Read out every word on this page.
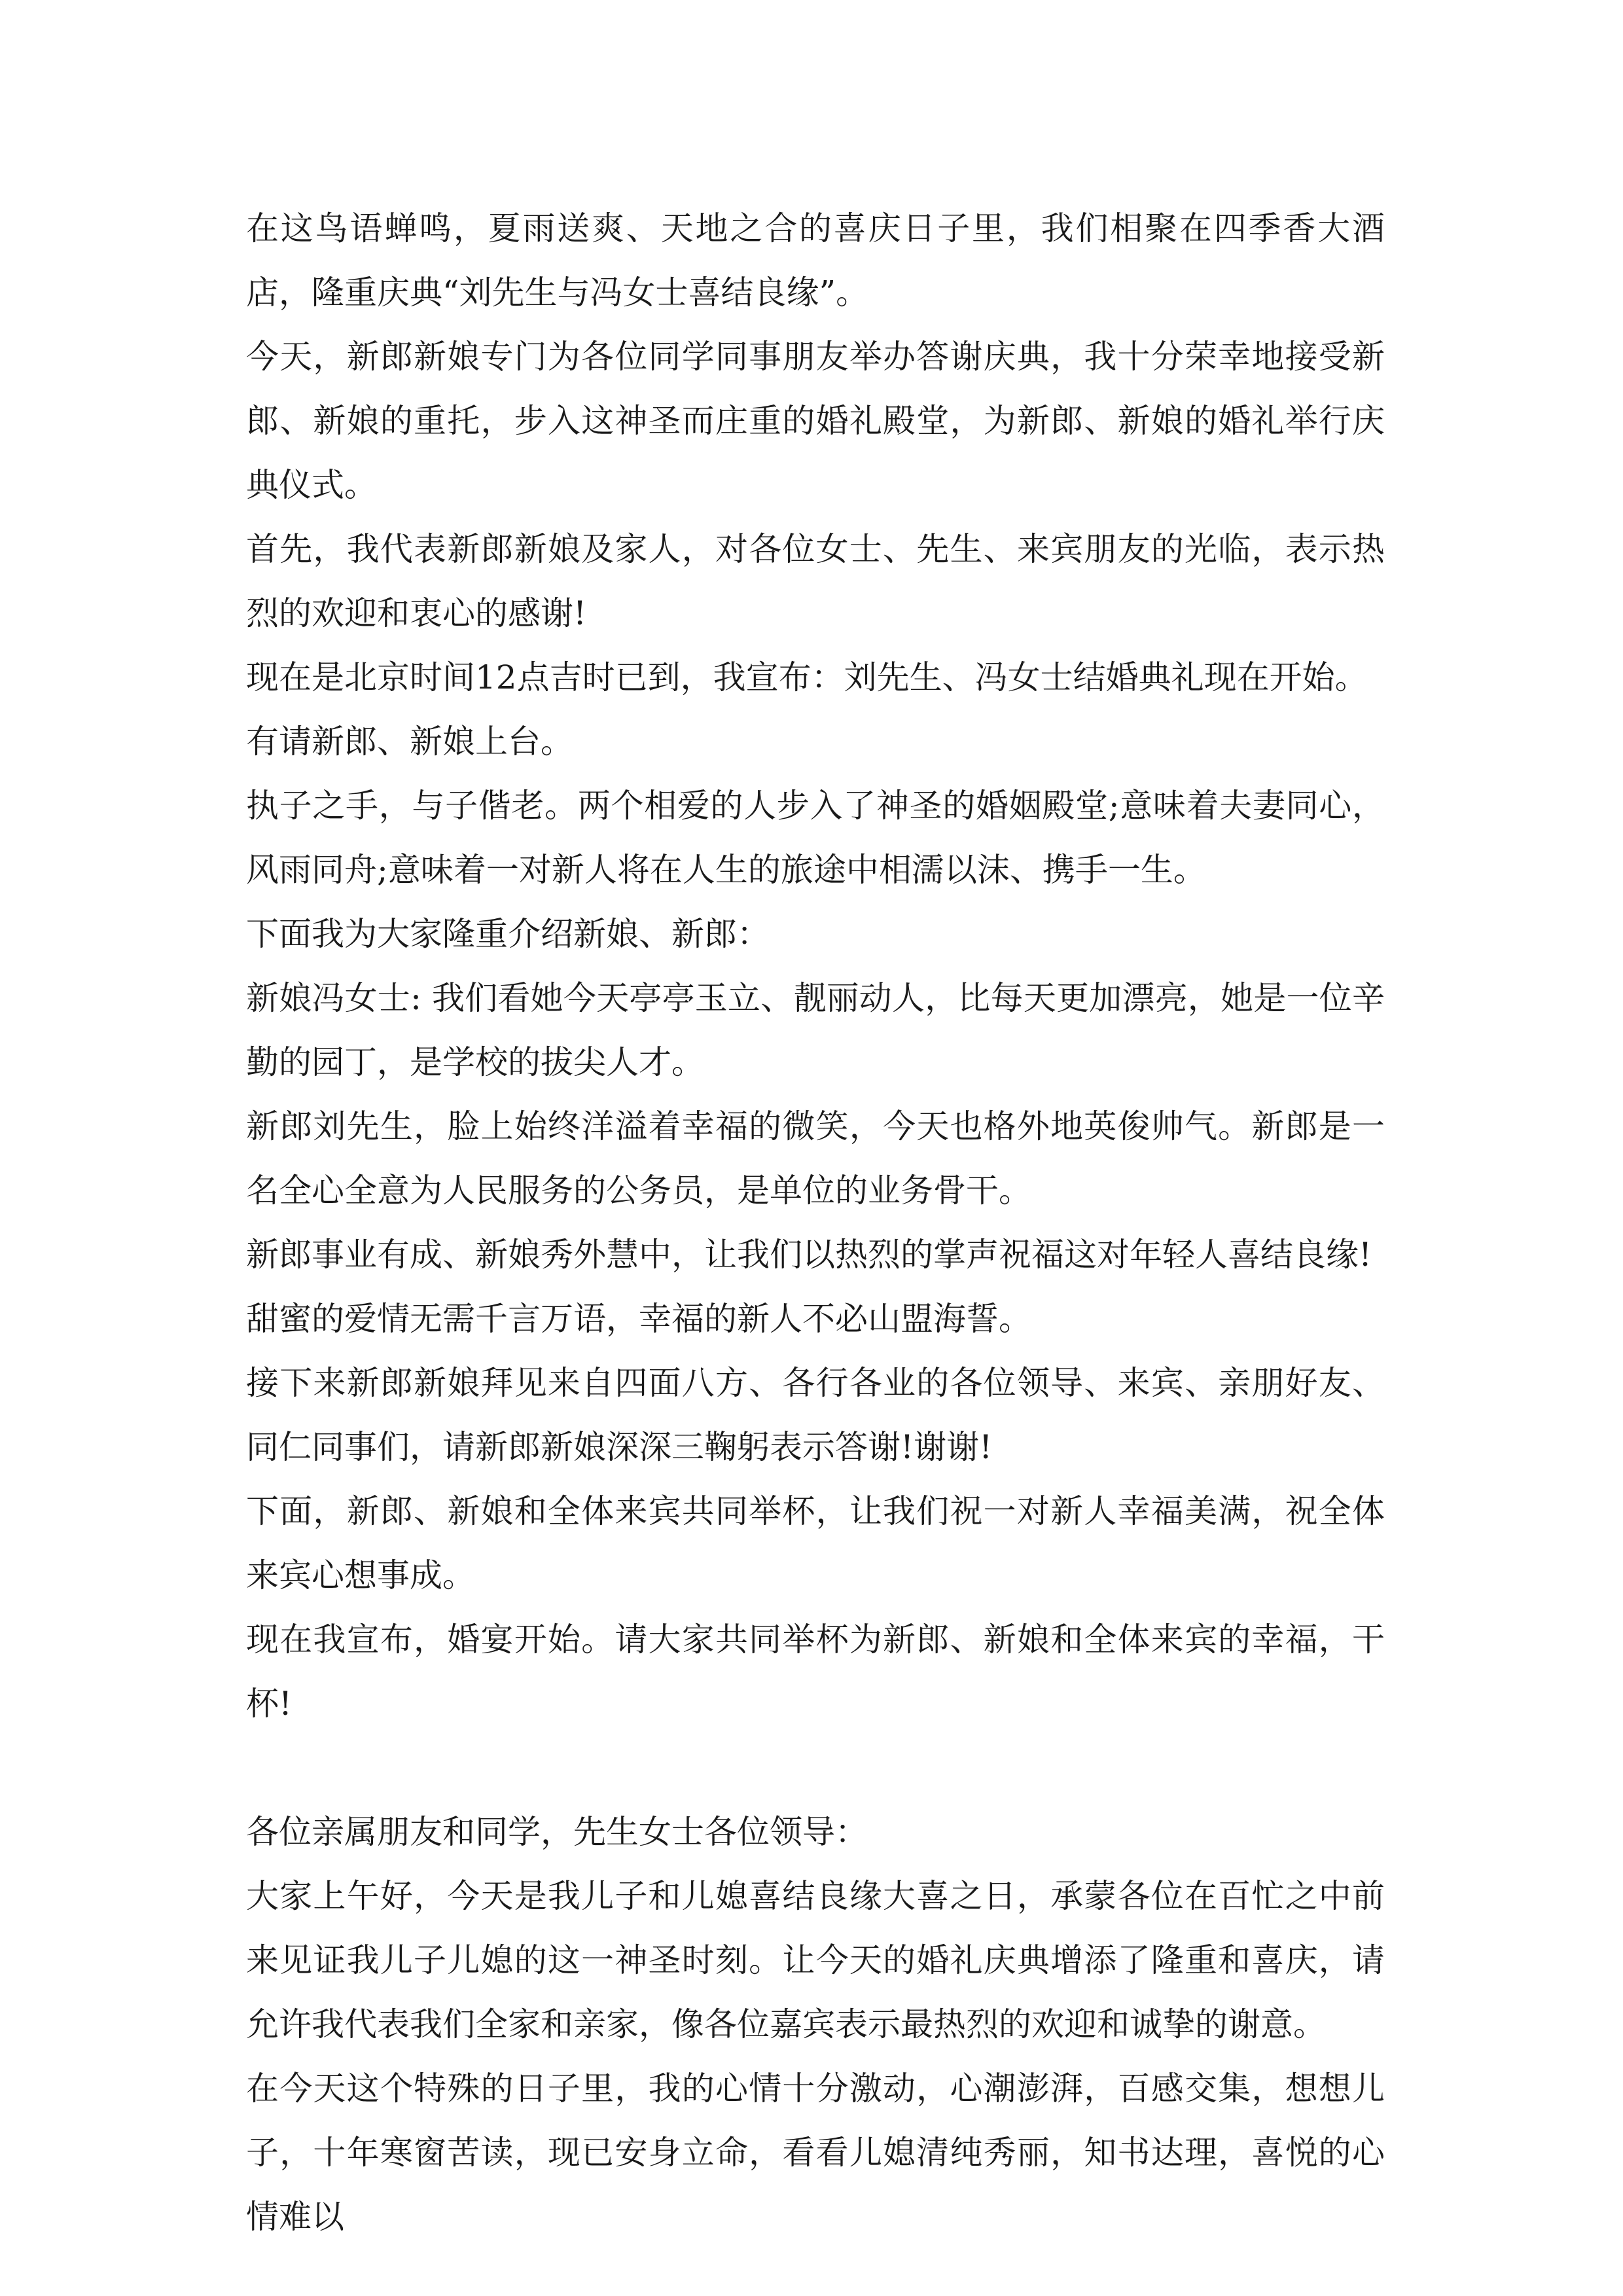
在这鸟语蝉鸣，夏雨送爽、天地之合的喜庆日子里，我们相聚在四季香大酒店，隆重庆典“刘先生与冯女士喜结良缘”。

今天，新郎新娘专门为各位同学同事朋友举办答谢庆典，我十分荣幸地接受新郎、新娘的重托，步入这神圣而庄重的婚礼殿堂，为新郎、新娘的婚礼举行庆典仪式。

首先，我代表新郎新娘及家人，对各位女士、先生、来宾朋友的光临，表示热烈的欢迎和衷心的感谢!

现在是北京时间12点吉时已到，我宣布：刘先生、冯女士结婚典礼现在开始。

有请新郎、新娘上台。

执子之手，与子偕老。两个相爱的人步入了神圣的婚姻殿堂;意味着夫妻同心，风雨同舟;意味着一对新人将在人生的旅途中相濡以沫、携手一生。

下面我为大家隆重介绍新娘、新郎：

新娘冯女士: 我们看她今天亭亭玉立、靓丽动人，比每天更加漂亮，她是一位辛勤的园丁，是学校的拔尖人才。

新郎刘先生，脸上始终洋溢着幸福的微笑，今天也格外地英俊帅气。新郎是一名全心全意为人民服务的公务员，是单位的业务骨干。

新郎事业有成、新娘秀外慧中，让我们以热烈的掌声祝福这对年轻人喜结良缘!

甜蜜的爱情无需千言万语，幸福的新人不必山盟海誓。

接下来新郎新娘拜见来自四面八方、各行各业的各位领导、来宾、亲朋好友、同仁同事们，请新郎新娘深深三鞠躬表示答谢!谢谢!

下面，新郎、新娘和全体来宾共同举杯，让我们祝一对新人幸福美满，祝全体来宾心想事成。

现在我宣布，婚宴开始。请大家共同举杯为新郎、新娘和全体来宾的幸福，干杯!

各位亲属朋友和同学，先生女士各位领导：

大家上午好，今天是我儿子和儿媳喜结良缘大喜之日，承蒙各位在百忙之中前来见证我儿子儿媳的这一神圣时刻。让今天的婚礼庆典增添了隆重和喜庆，请允许我代表我们全家和亲家，像各位嘉宾表示最热烈的欢迎和诚挚的谢意。

在今天这个特殊的日子里，我的心情十分激动，心潮澎湃，百感交集，想想儿子，十年寒窗苦读，现已安身立命，看看儿媳清纯秀丽，知书达理，喜悦的心情难以
